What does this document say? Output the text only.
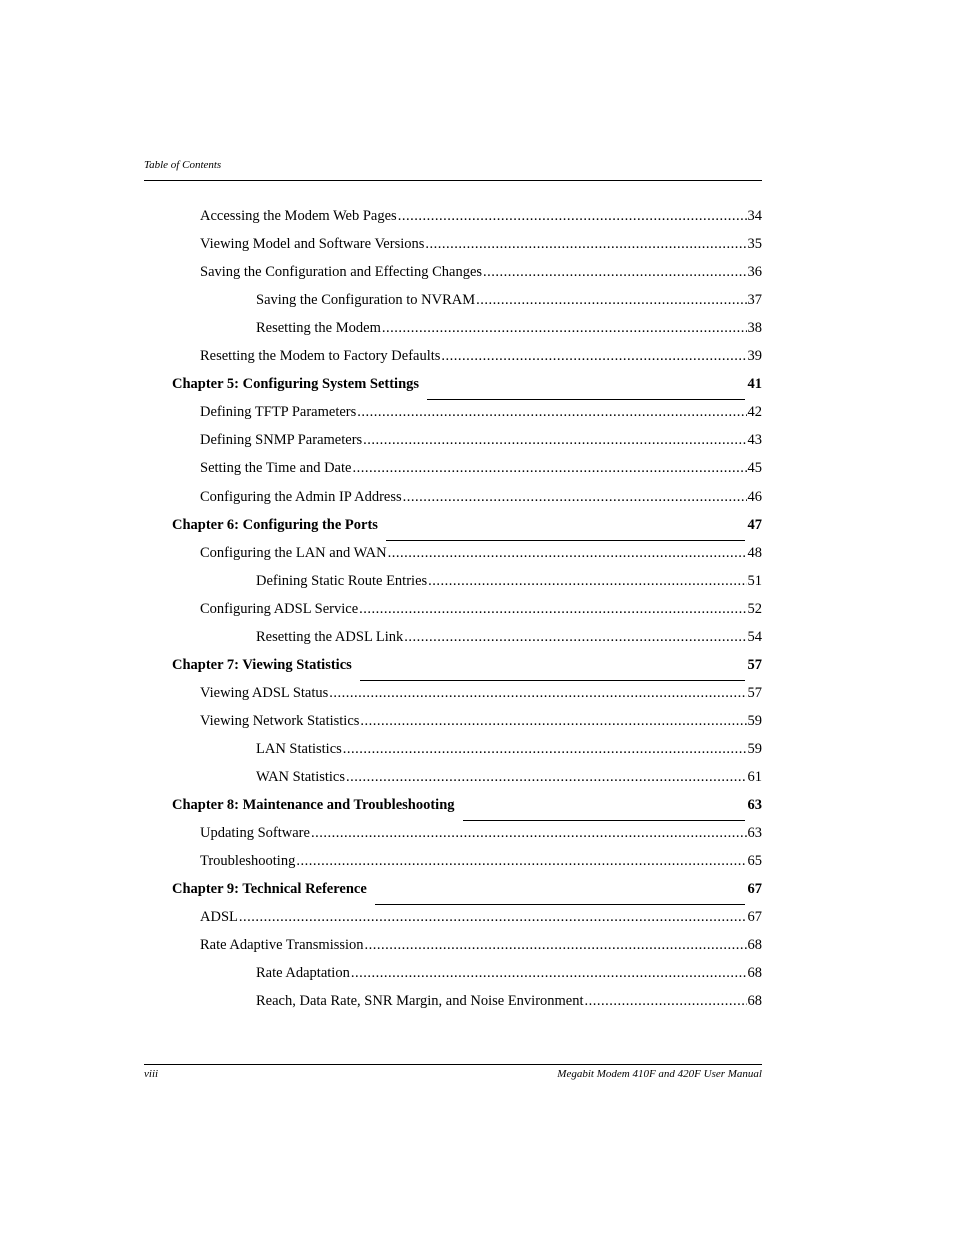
Table of Contents
Accessing the Modem Web Pages .....	34
Viewing Model and Software Versions .....	35
Saving the Configuration and Effecting Changes .....	36
Saving the Configuration to NVRAM .....	37
Resetting the Modem .....	38
Resetting the Modem to Factory Defaults .....	39
Chapter 5: Configuring System Settings	41
Defining TFTP Parameters .....	42
Defining SNMP Parameters .....	43
Setting the Time and Date .....	45
Configuring the Admin IP Address .....	46
Chapter 6: Configuring the Ports	47
Configuring the LAN and WAN .....	48
Defining Static Route Entries .....	51
Configuring ADSL Service .....	52
Resetting the ADSL Link .....	54
Chapter 7: Viewing Statistics	57
Viewing ADSL Status .....	57
Viewing Network Statistics .....	59
LAN Statistics .....	59
WAN Statistics .....	61
Chapter 8: Maintenance and Troubleshooting	63
Updating Software .....	63
Troubleshooting .....	65
Chapter 9: Technical Reference	67
ADSL .....	67
Rate Adaptive Transmission .....	68
Rate Adaptation .....	68
Reach, Data Rate, SNR Margin, and Noise Environment .....	68
viii	Megabit Modem 410F and 420F User Manual
